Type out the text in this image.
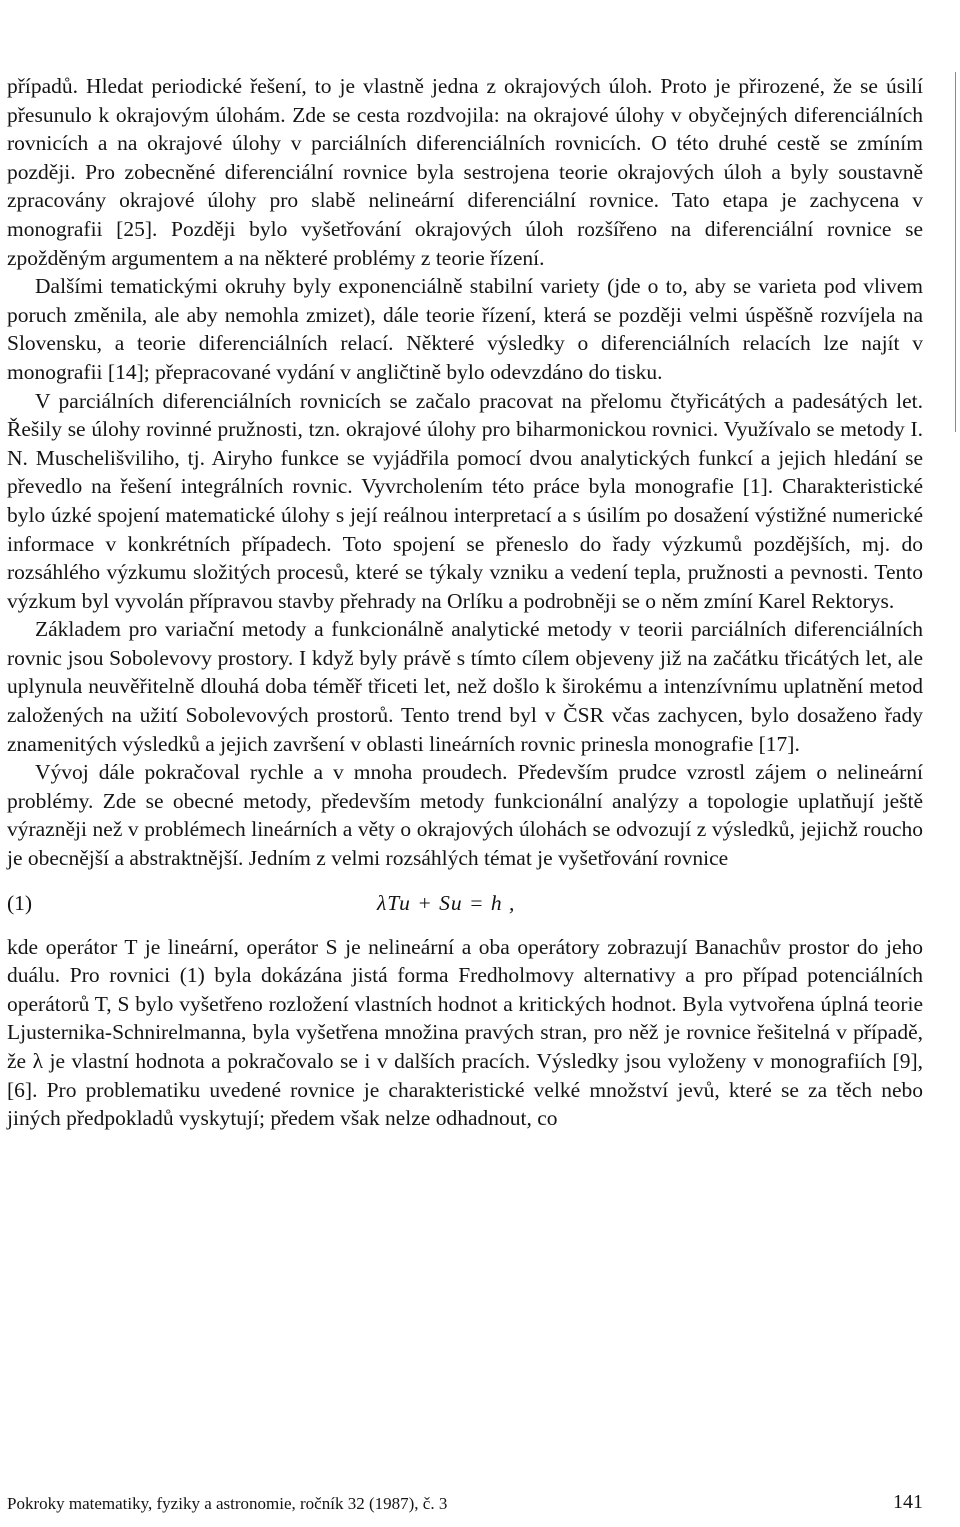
případů. Hledat periodické řešení, to je vlastně jedna z okrajových úloh. Proto je přirozené, že se úsilí přesunulo k okrajovým úlohám. Zde se cesta rozdvojila: na okrajové úlohy v obyčejných diferenciálních rovnicích a na okrajové úlohy v parciálních diferenciálních rovnicích. O této druhé cestě se zmíním později. Pro zobecněné diferenciální rovnice byla sestrojena teorie okrajových úloh a byly soustavně zpracovány okrajové úlohy pro slabě nelineární diferenciální rovnice. Tato etapa je zachycena v monografii [25]. Později bylo vyšetřování okrajových úloh rozšířeno na diferenciální rovnice se zpožděným argumentem a na některé problémy z teorie řízení.

Dalšími tematickými okruhy byly exponenciálně stabilní variety (jde o to, aby se varieta pod vlivem poruch změnila, ale aby nemohla zmizet), dále teorie řízení, která se později velmi úspěšně rozvíjela na Slovensku, a teorie diferenciálních relací. Některé výsledky o diferenciálních relacích lze najít v monografii [14]; přepracované vydání v angličtině bylo odevzdáno do tisku.

V parciálních diferenciálních rovnicích se začalo pracovat na přelomu čtyřicátých a padesátých let. Řešily se úlohy rovinné pružnosti, tzn. okrajové úlohy pro biharmonickou rovnici. Využívalo se metody I. N. Muschelišviliho, tj. Airyho funkce se vyjádřila pomocí dvou analytických funkcí a jejich hledání se převedlo na řešení integrálních rovnic. Vyvrcholením této práce byla monografie [1]. Charakteristické bylo úzké spojení matematické úlohy s její reálnou interpretací a s úsilím po dosažení výstižné numerické informace v konkrétních případech. Toto spojení se přeneslo do řady výzkumů pozdějších, mj. do rozsáhlého výzkumu složitých procesů, které se týkaly vzniku a vedení tepla, pružnosti a pevnosti. Tento výzkum byl vyvolán přípravou stavby přehrady na Orlíku a podrobněji se o něm zmíní Karel Rektorys.

Základem pro variační metody a funkcionálně analytické metody v teorii parciálních diferenciálních rovnic jsou Sobolevovy prostory. I když byly právě s tímto cílem objeveny již na začátku třicátých let, ale uplynula neuvěřitelně dlouhá doba téměř třiceti let, než došlo k širokému a intenzívnímu uplatnění metod založených na užití Sobolevových prostorů. Tento trend byl v ČSR včas zachycen, bylo dosaženo řady znamenitých výsledků a jejich završení v oblasti lineárních rovnic prinesla monografie [17].

Vývoj dále pokračoval rychle a v mnoha proudech. Především prudce vzrostl zájem o nelineární problémy. Zde se obecné metody, především metody funkcionální analýzy a topologie uplatňují ještě výrazněji než v problémech lineárních a věty o okrajových úlohách se odvozují z výsledků, jejichž roucho je obecnější a abstraktnější. Jedním z velmi rozsáhlých témat je vyšetřování rovnice

(1)	λTu + Su = h ,

kde operátor T je lineární, operátor S je nelineární a oba operátory zobrazují Banachův prostor do jeho duálu. Pro rovnici (1) byla dokázána jistá forma Fredholmovy alternativy a pro případ potenciálních operátorů T, S bylo vyšetřeno rozložení vlastních hodnot a kritických hodnot. Byla vytvořena úplná teorie Ljusternika-Schnirelmanna, byla vyšetřena množina pravých stran, pro něž je rovnice řešitelná v případě, že λ je vlastní hodnota a pokračovalo se i v dalších pracích. Výsledky jsou vyloženy v monografiích [9], [6]. Pro problematiku uvedené rovnice je charakteristické velké množství jevů, které se za těch nebo jiných předpokladů vyskytují; předem však nelze odhadnout, co

Pokroky matematiky, fyziky a astronomie, ročník 32 (1987), č. 3	141
